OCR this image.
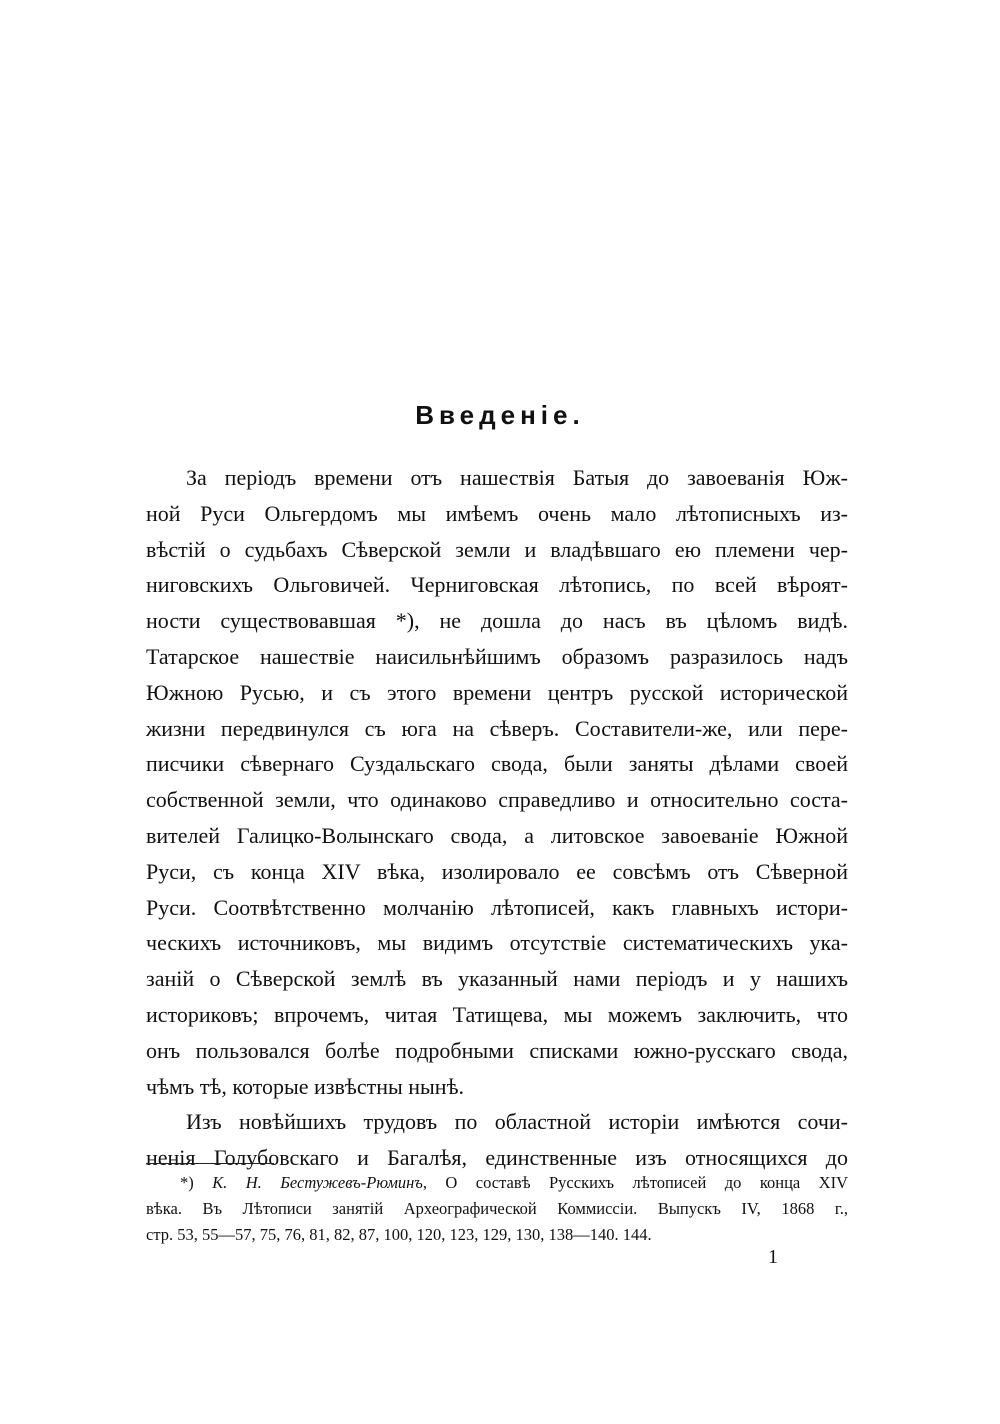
Введеніе.
За періодъ времени отъ нашествія Батыя до завоеванія Юж-
ной Руси Ольгердомъ мы имѣемъ очень мало лѣтописныхъ из-
вѣстій о судьбахъ Сѣверской земли и владѣвшаго ею племени чер-
ниговскихъ Ольговичей. Черниговская лѣтопись, по всей вѣроят-
ности существовавшая *), не дошла до насъ въ цѣломъ видѣ.
Татарское нашествіе наисильнѣйшимъ образомъ разразилось надъ
Южною Русью, и съ этого времени центръ русской исторической
жизни передвинулся съ юга на сѣверъ. Составители-же, или пере-
писчики сѣвернаго Суздальскаго свода, были заняты дѣлами своей
собственной земли, что одинаково справедливо и относительно соста-
вителей Галицко-Волынскаго свода, а литовское завоеваніе Южной
Руси, съ конца XIV вѣка, изолировало ее совсѣмъ отъ Сѣверной
Руси. Соотвѣтственно молчанію лѣтописей, какъ главныхъ истори-
ческихъ источниковъ, мы видимъ отсутствіе систематическихъ ука-
заній о Сѣверской землѣ въ указанный нами періодъ и у нашихъ
историковъ; впрочемъ, читая Татищева, мы можемъ заключить, что
онъ пользовался болѣе подробными списками южно-русскаго свода,
чѣмъ тѣ, которые извѣстны нынѣ.
Изъ новѣйшихъ трудовъ по областной исторіи имѣются сочи-
ненія Голубовскаго и Багалѣя, единственные изъ относящихся до
*) К. Н. Бестужевъ-Рюминъ, О составѣ Русскихъ лѣтописей до конца XIV
вѣка. Въ Лѣтописи занятій Археографической Коммиссіи. Выпускъ IV, 1868 г.,
стр. 53, 55—57, 75, 76, 81, 82, 87, 100, 120, 123, 129, 130, 138—140. 144.
1
